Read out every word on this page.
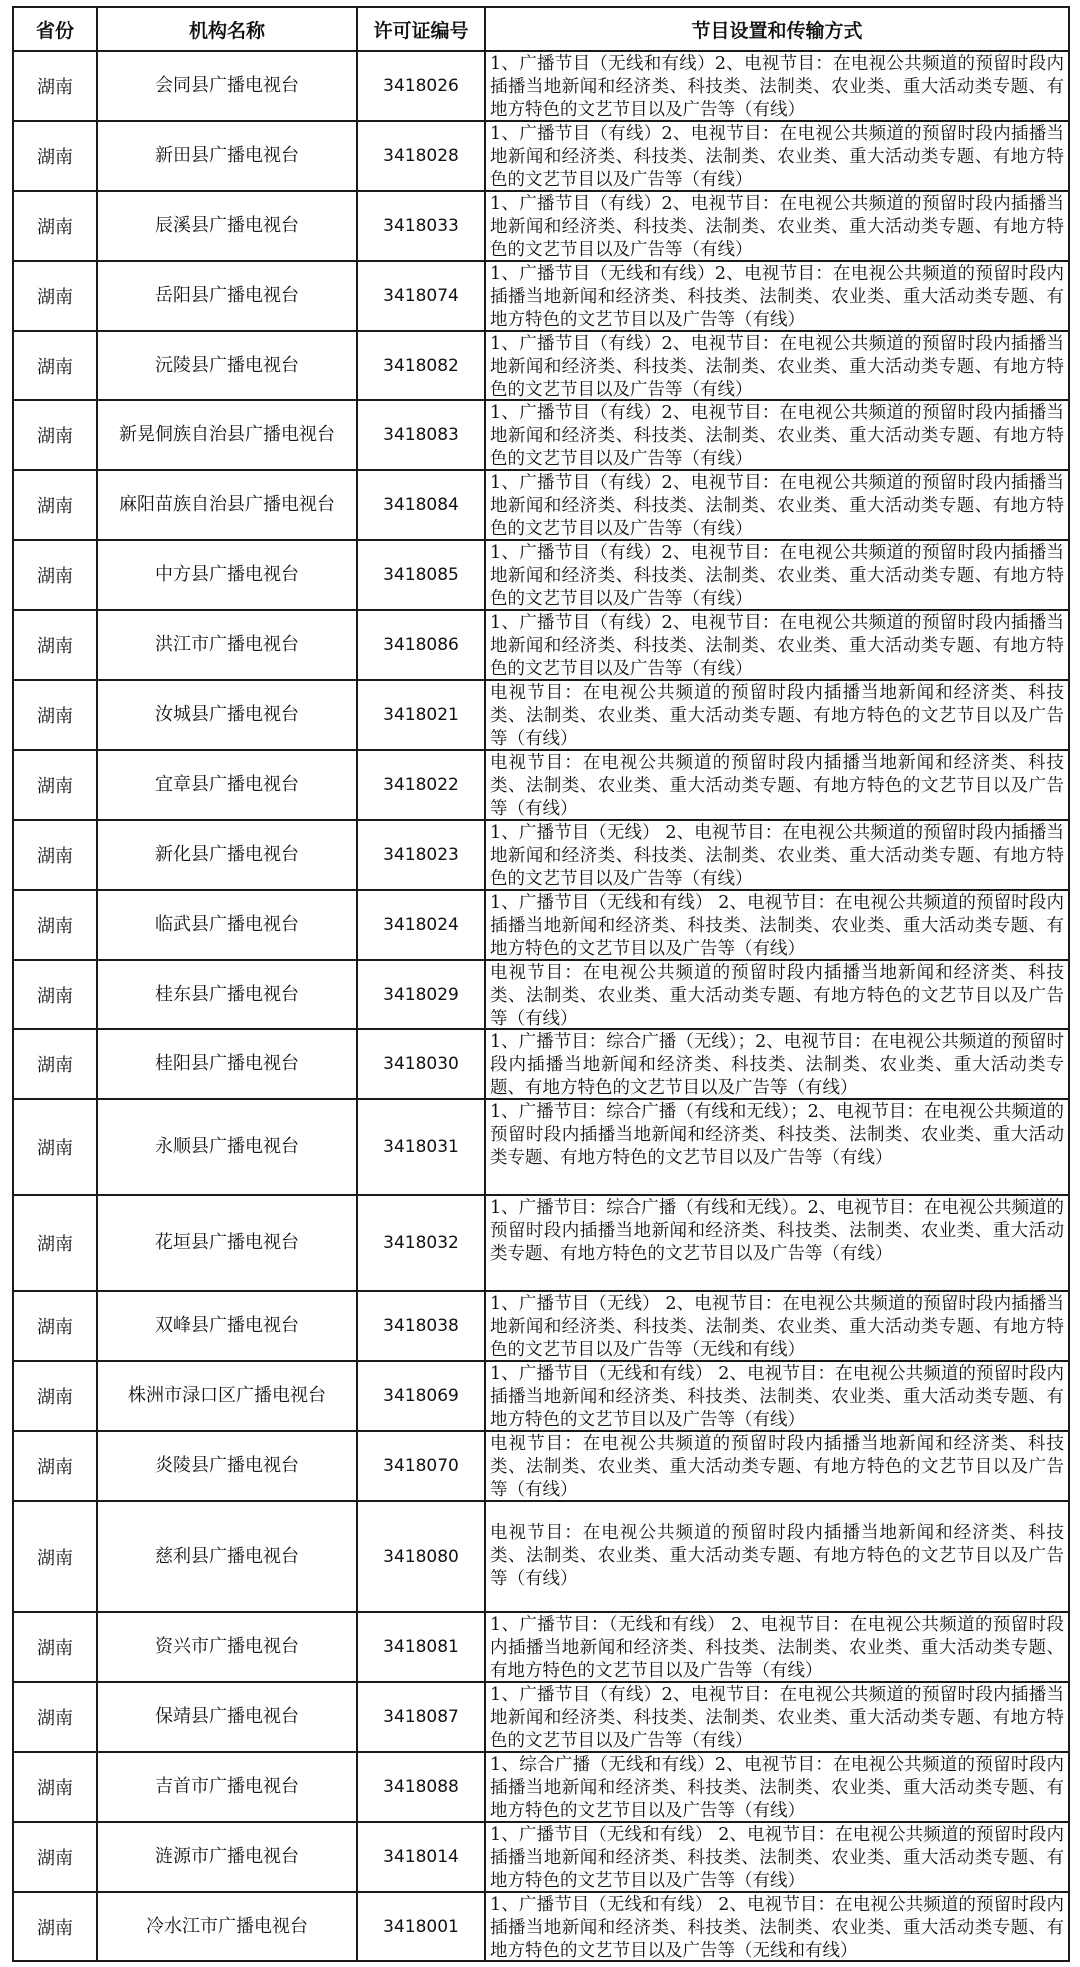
省份	机构名称	许可证编号	节目设置和传输方式
湖南	会同县广播电视台	3418026	1、广播节目（无线和有线）2、电视节目：在电视公共频道的预留时段内插播当地新闻和经济类、科技类、法制类、农业类、重大活动类专题、有地方特色的文艺节目以及广告等（有线）

湖南	新田县广播电视台	3418028	1、广播节目（有线）2、电视节目：在电视公共频道的预留时段内插播当地新闻和经济类、科技类、法制类、农业类、重大活动类专题、有地方特色的文艺节目以及广告等（有线）

湖南	辰溪县广播电视台	3418033	1、广播节目（有线）2、电视节目：在电视公共频道的预留时段内插播当地新闻和经济类、科技类、法制类、农业类、重大活动类专题、有地方特色的文艺节目以及广告等（有线）

湖南	岳阳县广播电视台	3418074	1、广播节目（无线和有线）2、电视节目：在电视公共频道的预留时段内插播当地新闻和经济类、科技类、法制类、农业类、重大活动类专题、有地方特色的文艺节目以及广告等（有线）

湖南	沅陵县广播电视台	3418082	1、广播节目（有线）2、电视节目：在电视公共频道的预留时段内插播当地新闻和经济类、科技类、法制类、农业类、重大活动类专题、有地方特色的文艺节目以及广告等（有线）

湖南	新晃侗族自治县广播电视台	3418083	1、广播节目（有线）2、电视节目：在电视公共频道的预留时段内插播当地新闻和经济类、科技类、法制类、农业类、重大活动类专题、有地方特色的文艺节目以及广告等（有线）

湖南	麻阳苗族自治县广播电视台	3418084	1、广播节目（有线）2、电视节目：在电视公共频道的预留时段内插播当地新闻和经济类、科技类、法制类、农业类、重大活动类专题、有地方特色的文艺节目以及广告等（有线）

湖南	中方县广播电视台	3418085	1、广播节目（有线）2、电视节目：在电视公共频道的预留时段内插播当地新闻和经济类、科技类、法制类、农业类、重大活动类专题、有地方特色的文艺节目以及广告等（有线）

湖南	洪江市广播电视台	3418086	1、广播节目（有线）2、电视节目：在电视公共频道的预留时段内插播当地新闻和经济类、科技类、法制类、农业类、重大活动类专题、有地方特色的文艺节目以及广告等（有线）

湖南	汝城县广播电视台	3418021	电视节目：在电视公共频道的预留时段内插播当地新闻和经济类、科技类、法制类、农业类、重大活动类专题、有地方特色的文艺节目以及广告等（有线）

湖南	宜章县广播电视台	3418022	电视节目：在电视公共频道的预留时段内插播当地新闻和经济类、科技类、法制类、农业类、重大活动类专题、有地方特色的文艺节目以及广告等（有线）

湖南	新化县广播电视台	3418023	1、广播节目（无线） 2、电视节目：在电视公共频道的预留时段内插播当地新闻和经济类、科技类、法制类、农业类、重大活动类专题、有地方特色的文艺节目以及广告等（有线）

湖南	临武县广播电视台	3418024	1、广播节目（无线和有线） 2、电视节目：在电视公共频道的预留时段内插播当地新闻和经济类、科技类、法制类、农业类、重大活动类专题、有地方特色的文艺节目以及广告等（有线）

湖南	桂东县广播电视台	3418029	电视节目：在电视公共频道的预留时段内插播当地新闻和经济类、科技类、法制类、农业类、重大活动类专题、有地方特色的文艺节目以及广告等（有线）

湖南	桂阳县广播电视台	3418030	1、广播节目：综合广播（无线）；2、电视节目：在电视公共频道的预留时段内插播当地新闻和经济类、科技类、法制类、农业类、重大活动类专题、有地方特色的文艺节目以及广告等（有线）

湖南	永顺县广播电视台	3418031	1、广播节目：综合广播（有线和无线）；2、电视节目：在电视公共频道的预留时段内插播当地新闻和经济类、科技类、法制类、农业类、重大活动类专题、有地方特色的文艺节目以及广告等（有线）

湖南	花垣县广播电视台	3418032	1、广播节目：综合广播（有线和无线）。2、电视节目：在电视公共频道的预留时段内插播当地新闻和经济类、科技类、法制类、农业类、重大活动类专题、有地方特色的文艺节目以及广告等（有线）

湖南	双峰县广播电视台	3418038	1、广播节目（无线） 2、电视节目：在电视公共频道的预留时段内插播当地新闻和经济类、科技类、法制类、农业类、重大活动类专题、有地方特色的文艺节目以及广告等（无线和有线）

湖南	株洲市渌口区广播电视台	3418069	1、广播节目（无线和有线） 2、电视节目：在电视公共频道的预留时段内插播当地新闻和经济类、科技类、法制类、农业类、重大活动类专题、有地方特色的文艺节目以及广告等（有线）

湖南	炎陵县广播电视台	3418070	电视节目：在电视公共频道的预留时段内插播当地新闻和经济类、科技类、法制类、农业类、重大活动类专题、有地方特色的文艺节目以及广告等（有线）

湖南	慈利县广播电视台	3418080	电视节目：在电视公共频道的预留时段内插播当地新闻和经济类、科技类、法制类、农业类、重大活动类专题、有地方特色的文艺节目以及广告等（有线）

湖南	资兴市广播电视台	3418081	1、广播节目：（无线和有线） 2、电视节目：在电视公共频道的预留时段内插播当地新闻和经济类、科技类、法制类、农业类、重大活动类专题、有地方特色的文艺节目以及广告等（有线）

湖南	保靖县广播电视台	3418087	1、广播节目（有线）2、电视节目：在电视公共频道的预留时段内插播当地新闻和经济类、科技类、法制类、农业类、重大活动类专题、有地方特色的文艺节目以及广告等（有线）

湖南	吉首市广播电视台	3418088	1、综合广播（无线和有线）2、电视节目：在电视公共频道的预留时段内插播当地新闻和经济类、科技类、法制类、农业类、重大活动类专题、有地方特色的文艺节目以及广告等（有线）

湖南	涟源市广播电视台	3418014	1、广播节目（无线和有线） 2、电视节目：在电视公共频道的预留时段内插播当地新闻和经济类、科技类、法制类、农业类、重大活动类专题、有地方特色的文艺节目以及广告等（有线）

湖南	冷水江市广播电视台	3418001	1、广播节目（无线和有线） 2、电视节目：在电视公共频道的预留时段内插播当地新闻和经济类、科技类、法制类、农业类、重大活动类专题、有地方特色的文艺节目以及广告等（无线和有线）
